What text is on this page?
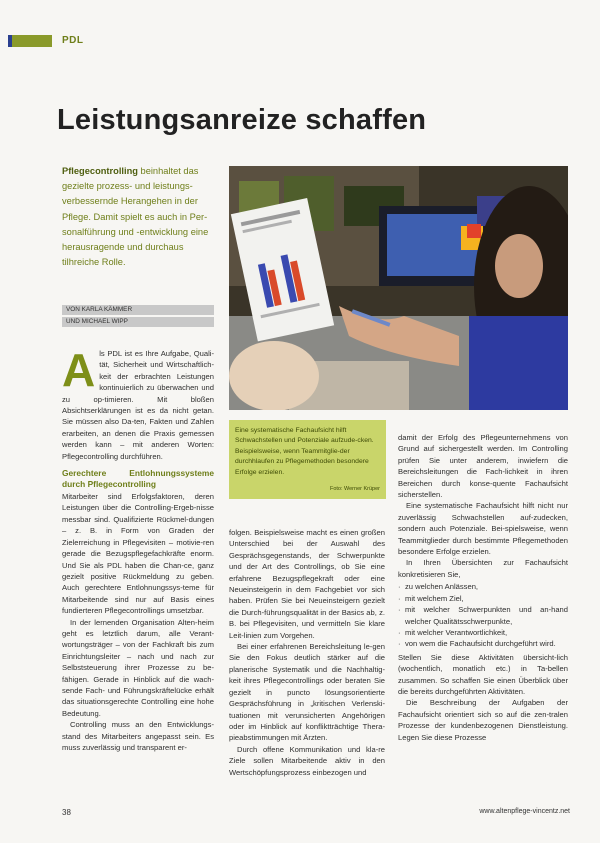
PDL
Leistungsanreize schaffen
Pflegecontrolling beinhaltet das gezielte prozess- und leistungs-verbessernde Herangehen in der Pflege. Damit spielt es auch in Per-sonalführung und -entwicklung eine herausragende und durchaus tilhreiche Rolle.
VON KARLA KÄMMER
UND MICHAEL WIPP
Eine systematische Fachaufsicht hilft Schwachstellen und Potenziale aufzude-cken. Beispielsweise, wenn Teammitglie-der durchhlaufen zu Pflegemethoden besondere Erfolge erzielen.
Foto: Werner Krüper

Als PDL ist es Ihre Aufgabe, Quali-tät, Sicherheit und Wirtschaftlich-keit der erbrachten Leistungen kontinuierlich zu überwachen und zu op-timieren. Mit bloßen Absichtserklärungen ist es da nicht getan. Sie müssen also Da-ten, Fakten und Zahlen erarbeiten, an denen die Praxis gemessen werden kann – mit anderen Worten: Pflegecontrolling durchführen.

Gerechtere Entlohnungssysteme durch Pflegecontrolling

Mitarbeiter sind Erfolgsfaktoren, deren Leistungen über die Controlling-Ergeb-nisse messbar sind. Qualifizierte Rückmel-dungen – z. B. in Form von Graden der Zielerreichung in Pflegevisiten – motivie-ren gerade die Bezugspflegefachkräfte enorm. Und Sie als PDL haben die Chan-ce, ganz gezielt positive Rückmeldung zu geben. Auch gerechtere Entlohnungssys-teme für Mitarbeitende sind nur auf Basis eines fundierteren Pflegecontrollings umsetzbar.

In der lernenden Organisation Alten-heim geht es letztlich darum, alle Verant-wortungsträger – von der Fachkraft bis zum Einrichtungsleiter – nach und nach zur Selbststeuerung ihrer Prozesse zu be-fähigen. Gerade in Hinblick auf die wach-sende Fach- und Führungskräftelücke erhält das situationsgerechte Controlling eine hohe Bedeutung.

Controlling muss an den Entwicklungs-stand des Mitarbeiters angepasst sein. Es muss zuverlässig und transparent er-

folgen. Beispielsweise macht es einen großen Unterschied bei der Auswahl des Gesprächsgegenstands, der Schwerpunkte und der Art des Controllings, ob Sie eine erfahrene Bezugspflegekraft oder eine Neueinsteigerin in dem Fachgebiet vor sich haben. Prüfen Sie bei Neueinsteigern gezielt die Durch-führungsqualität in der Basics ab, z. B. bei Pflegevisiten, und vermitteln Sie klare Leit-linien zum Vorgehen.

Bei einer erfahrenen Bereichsleitung le-gen Sie den Fokus deutlich stärker auf die planerische Systematik und die Nachhaltig-keit ihres Pflegecontrollings oder beraten Sie gezielt in puncto lösungsorientierte Gesprächsführung in „kritischen Verlenski-tuationen mit verunsicherten Angehörigen oder im Hinblick auf konfliktträchtige Thera-pieabstimmungen mit Ärzten.

Durch offene Kommunikation und kla-re Ziele sollen Mitarbeitende aktiv in den Wertschöpfungsprozess einbezogen und

damit der Erfolg des Pflegeunternehmens von Grund auf sichergestellt werden. Im Controlling prüfen Sie unter anderem, inwiefern die Bereichsleitungen die Fach-lichkeit in ihren Bereichen durch konse-quente Fachaufsicht sicherstellen.

Eine systematische Fachaufsicht hilft nicht nur zuverlässig Schwachstellen auf-zudecken, sondern auch Potenziale. Bei-spielsweise, wenn Teammitglieder durch bestimmte Pflegemethoden besondere Erfolge erzielen.

In Ihren Übersichten zur Fachaufsicht konkretisieren Sie,

· zu welchen Anlässen,
· mit welchem Ziel,
· mit welcher Schwerpunkten und an-hand welcher Qualitätsschwerpunkte,
· mit welcher Verantwortlichkeit,
· von wem die Fachaufsicht durchgeführt wird.

Stellen Sie diese Aktivitäten übersicht-lich (wochentlich, monatlich etc.) in Ta-bellen zusammen. So schaffen Sie einen Überblick über die bereits durchgeführten Aktivitäten.

Die Beschreibung der Aufgaben der Fachaufsicht orientiert sich so auf die zen-tralen Prozesse der kundenbezogenen Dienstleistung. Legen Sie diese Prozesse

38	www.altenpflege-vincentz.net
